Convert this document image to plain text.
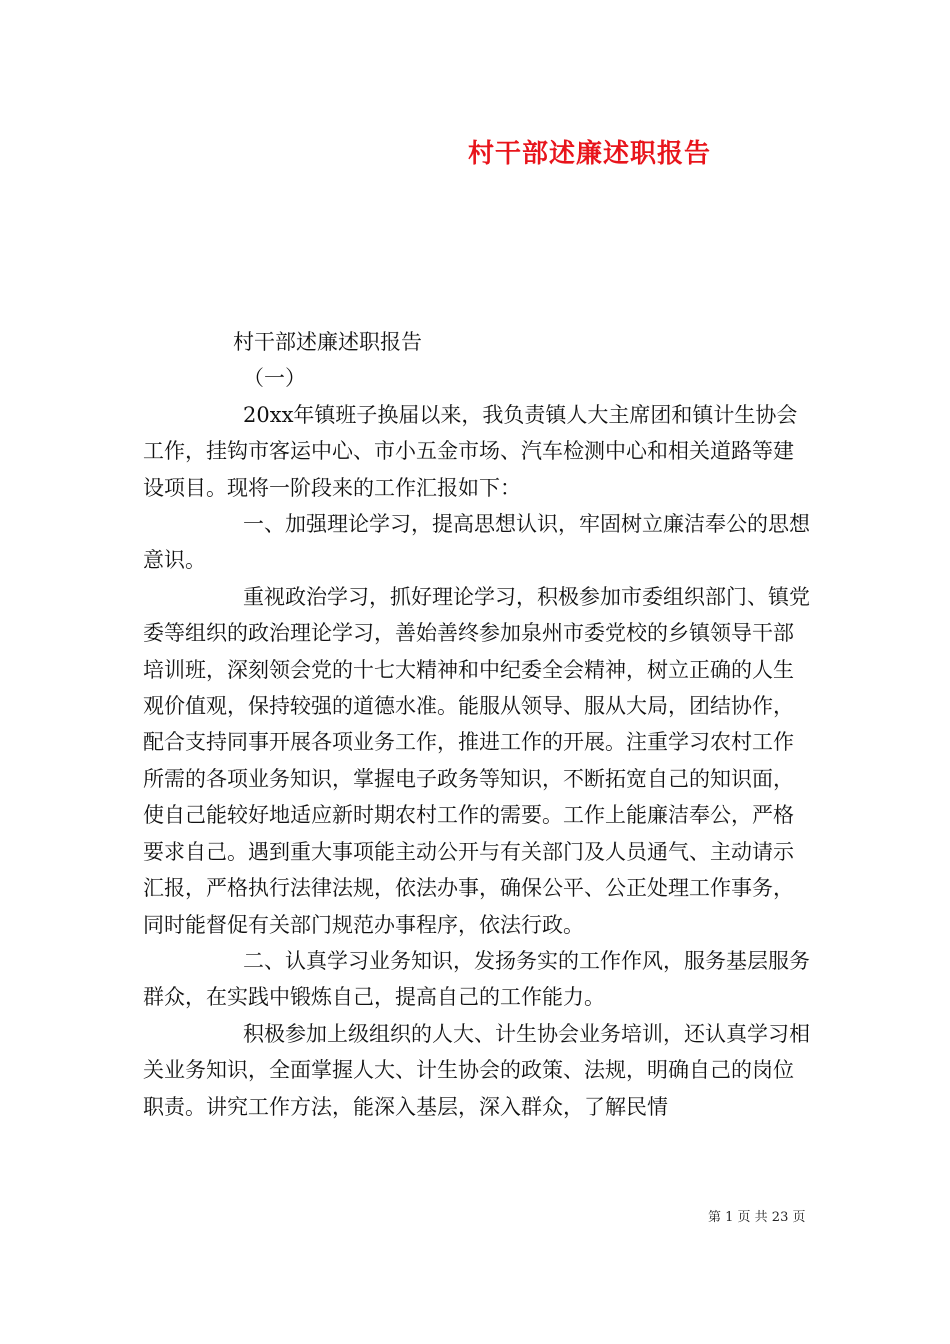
村干部述廉述职报告

村干部述廉述职报告

（一）

20xx年镇班子换届以来，我负责镇人大主席团和镇计生协会工作，挂钩市客运中心、市小五金市场、汽车检测中心和相关道路等建设项目。现将一阶段来的工作汇报如下：

一、加强理论学习，提高思想认识，牢固树立廉洁奉公的思想意识。

重视政治学习，抓好理论学习，积极参加市委组织部门、镇党委等组织的政治理论学习，善始善终参加泉州市委党校的乡镇领导干部培训班，深刻领会党的十七大精神和中纪委全会精神，树立正确的人生观价值观，保持较强的道德水准。能服从领导、服从大局，团结协作，配合支持同事开展各项业务工作，推进工作的开展。注重学习农村工作所需的各项业务知识，掌握电子政务等知识，不断拓宽自己的知识面，使自己能较好地适应新时期农村工作的需要。工作上能廉洁奉公，严格要求自己。遇到重大事项能主动公开与有关部门及人员通气、主动请示汇报，严格执行法律法规，依法办事，确保公平、公正处理工作事务，同时能督促有关部门规范办事程序，依法行政。

二、认真学习业务知识，发扬务实的工作作风，服务基层服务群众，在实践中锻炼自己，提高自己的工作能力。

积极参加上级组织的人大、计生协会业务培训，还认真学习相关业务知识，全面掌握人大、计生协会的政策、法规，明确自己的岗位职责。讲究工作方法，能深入基层，深入群众，了解民情

第 1 页 共 23 页
